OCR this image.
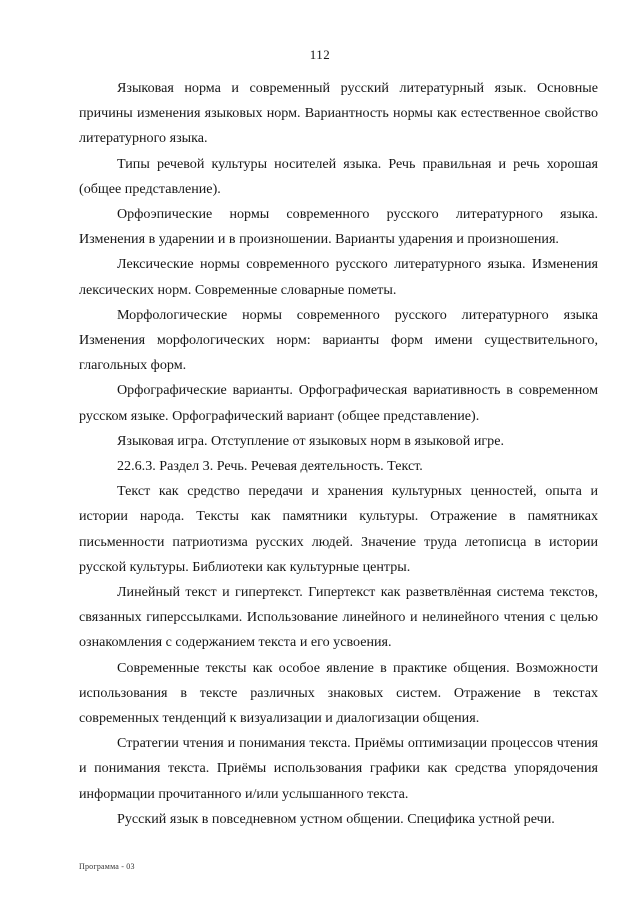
112

Языковая норма и современный русский литературный язык. Основные причины изменения языковых норм. Вариантность нормы как естественное свойство литературного языка.

Типы речевой культуры носителей языка. Речь правильная и речь хорошая (общее представление).

Орфоэпические нормы современного русского литературного языка. Изменения в ударении и в произношении. Варианты ударения и произношения.

Лексические нормы современного русского литературного языка. Изменения лексических норм. Современные словарные пометы.

Морфологические нормы современного русского литературного языка Изменения морфологических норм: варианты форм имени существительного, глагольных форм.

Орфографические варианты. Орфографическая вариативность в современном русском языке. Орфографический вариант (общее представление).

Языковая игра. Отступление от языковых норм в языковой игре.

22.6.3. Раздел 3. Речь. Речевая деятельность. Текст.

Текст как средство передачи и хранения культурных ценностей, опыта и истории народа. Тексты как памятники культуры. Отражение в памятниках письменности патриотизма русских людей. Значение труда летописца в истории русской культуры. Библиотеки как культурные центры.

Линейный текст и гипертекст. Гипертекст как разветвлённая система текстов, связанных гиперссылками. Использование линейного и нелинейного чтения с целью ознакомления с содержанием текста и его усвоения.

Современные тексты как особое явление в практике общения. Возможности использования в тексте различных знаковых систем. Отражение в текстах современных тенденций к визуализации и диалогизации общения.

Стратегии чтения и понимания текста. Приёмы оптимизации процессов чтения и понимания текста. Приёмы использования графики как средства упорядочения информации прочитанного и/или услышанного текста.

Русский язык в повседневном устном общении. Специфика устной речи.

Программа - 03
